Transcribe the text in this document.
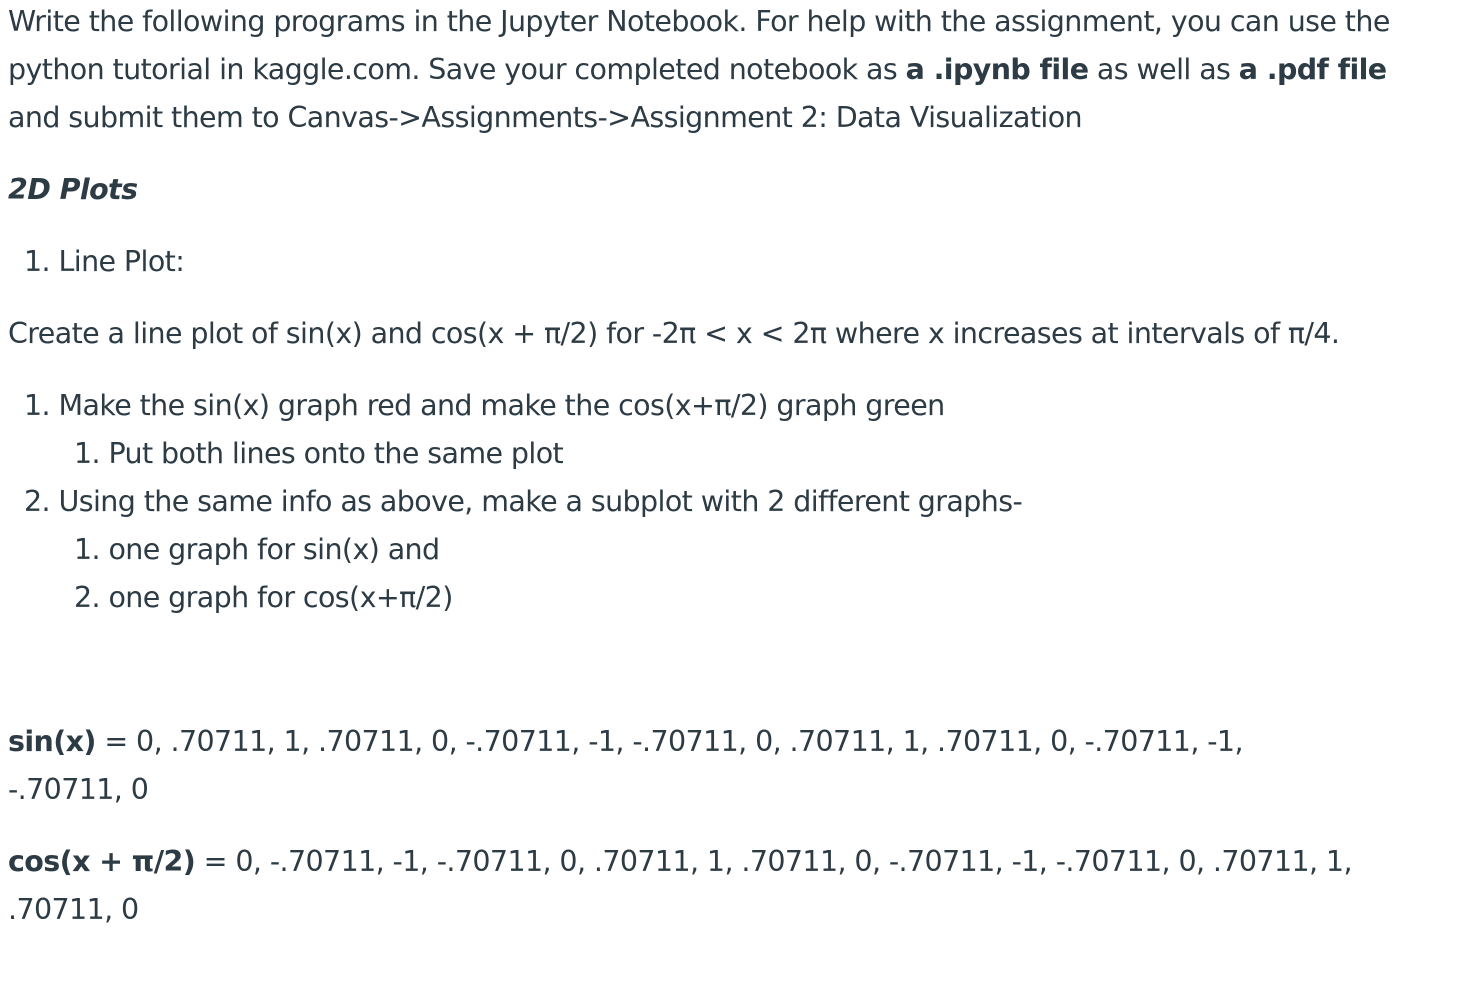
Write the following programs in the Jupyter Notebook. For help with the assignment, you can use the python tutorial in kaggle.com. Save your completed notebook as a .ipynb file as well as a .pdf file and submit them to Canvas->Assignments->Assignment 2: Data Visualization

2D Plots

1. Line Plot:

Create a line plot of sin(x) and cos(x + π/2) for -2π < x < 2π where x increases at intervals of π/4.

1. Make the sin(x) graph red and make the cos(x+π/2) graph green

1. Put both lines onto the same plot

2. Using the same info as above, make a subplot with 2 different graphs-

1. one graph for sin(x) and

2. one graph for cos(x+π/2)

sin(x) = 0, .70711, 1, .70711, 0, -.70711, -1, -.70711, 0, .70711, 1, .70711, 0, -.70711, -1,

-.70711, 0

cos(x + π/2) = 0, -.70711, -1, -.70711, 0, .70711, 1, .70711, 0, -.70711, -1, -.70711, 0, .70711, 1,

.70711, 0
